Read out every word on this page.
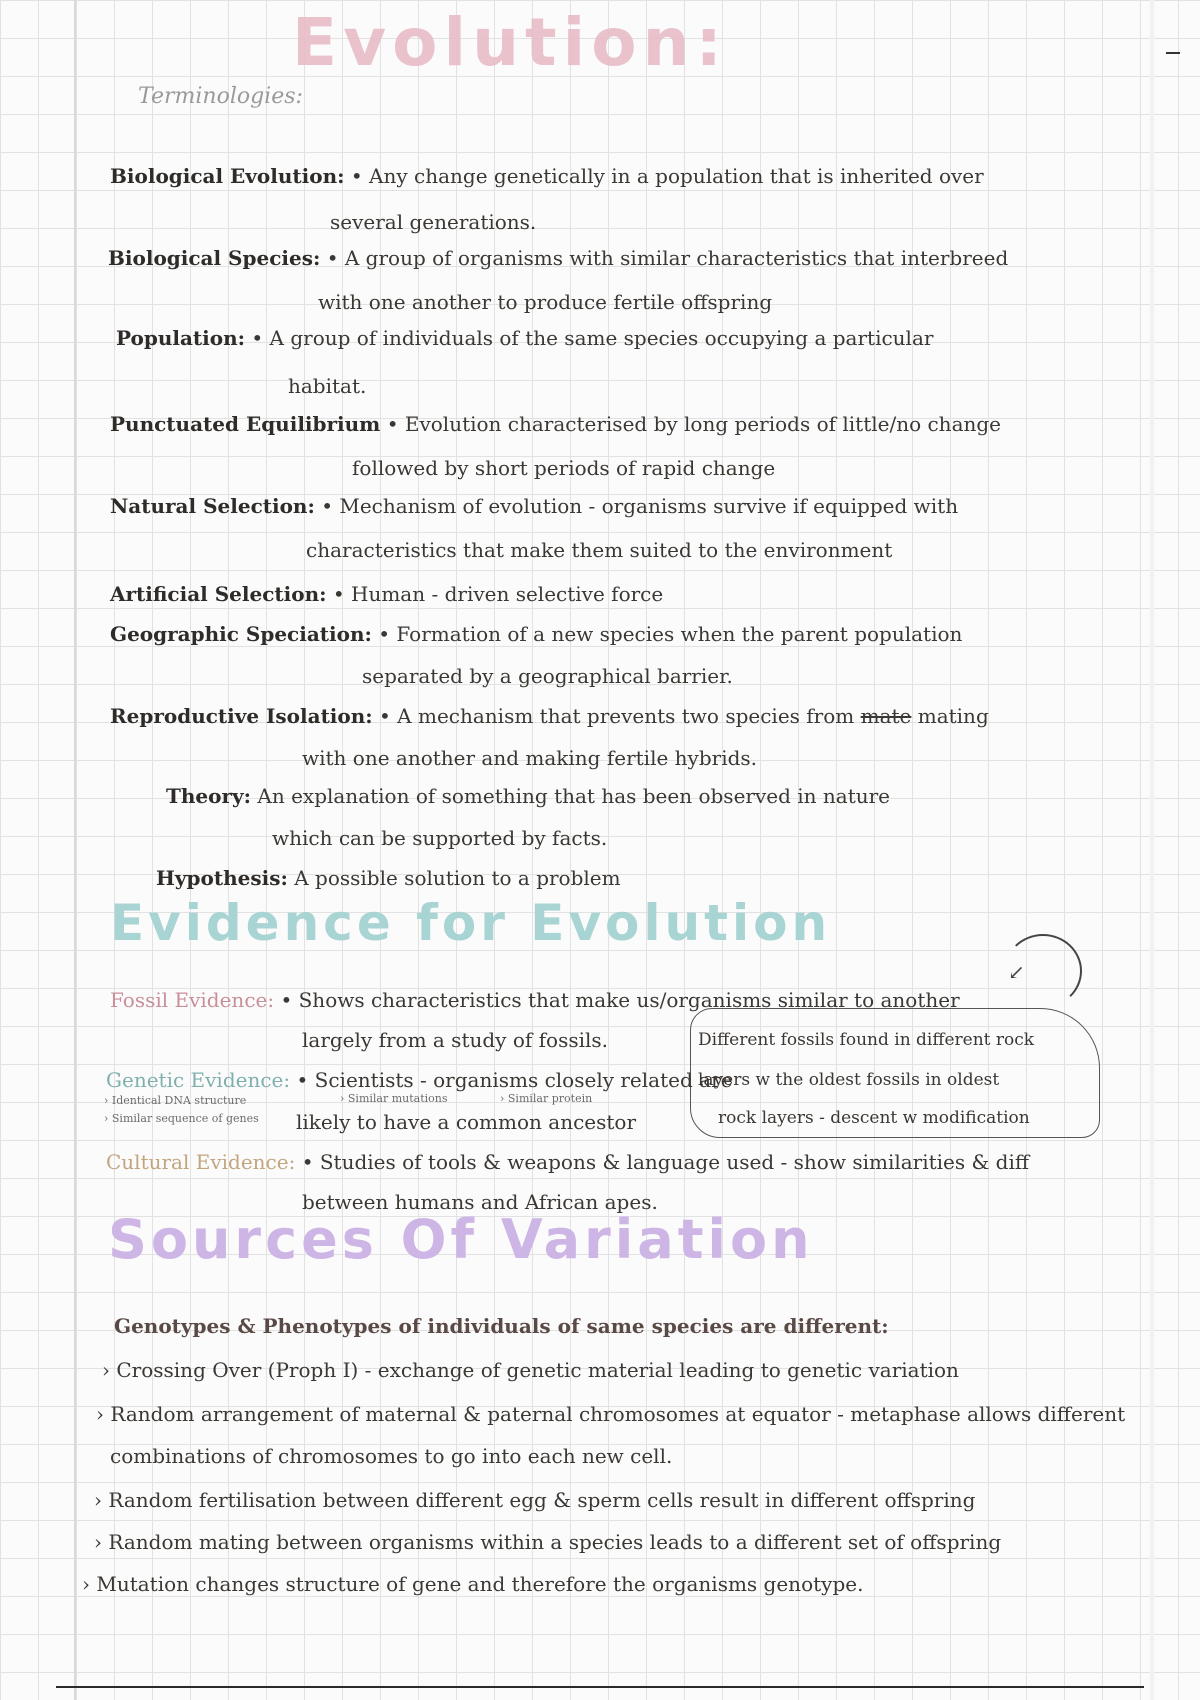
Evolution:
Terminologies:
Biological Evolution: • Any change genetically in a population that is inherited over
several generations.
Biological Species: • A group of organisms with similar characteristics that interbreed
with one another to produce fertile offspring
Population: • A group of individuals of the same species occupying a particular
habitat.
Punctuated Equilibrium • Evolution characterised by long periods of little/no change
followed by short periods of rapid change
Natural Selection: • Mechanism of evolution - organisms survive if equipped with
characteristics that make them suited to the environment
Artificial Selection: • Human - driven selective force
Geographic Speciation: • Formation of a new species when the parent population
separated by a geographical barrier.
Reproductive Isolation: • A mechanism that prevents two species from mate mating
with one another and making fertile hybrids.
Theory: An explanation of something that has been observed in nature
which can be supported by facts.
Hypothesis: A possible solution to a problem
Evidence for Evolution
↙
Fossil Evidence: • Shows characteristics that make us/organisms similar to another
largely from a study of fossils.	Different fossils found in different rock
layers w the oldest fossils in oldest
rock layers - descent w modification
Genetic Evidence: • Scientists - organisms closely related are
› Identical DNA structure	› Similar mutations	› Similar protein
› Similar sequence of genes likely to have a common ancestor
Cultural Evidence: • Studies of tools & weapons & language used - show similarities & diff
between humans and African apes.
Sources Of Variation
Genotypes & Phenotypes of individuals of same species are different:
› Crossing Over (Proph I) - exchange of genetic material leading to genetic variation
› Random arrangement of maternal & paternal chromosomes at equator - metaphase allows different
combinations of chromosomes to go into each new cell.
› Random fertilisation between different egg & sperm cells result in different offspring
› Random mating between organisms within a species leads to a different set of offspring
› Mutation changes structure of gene and therefore the organisms genotype.
